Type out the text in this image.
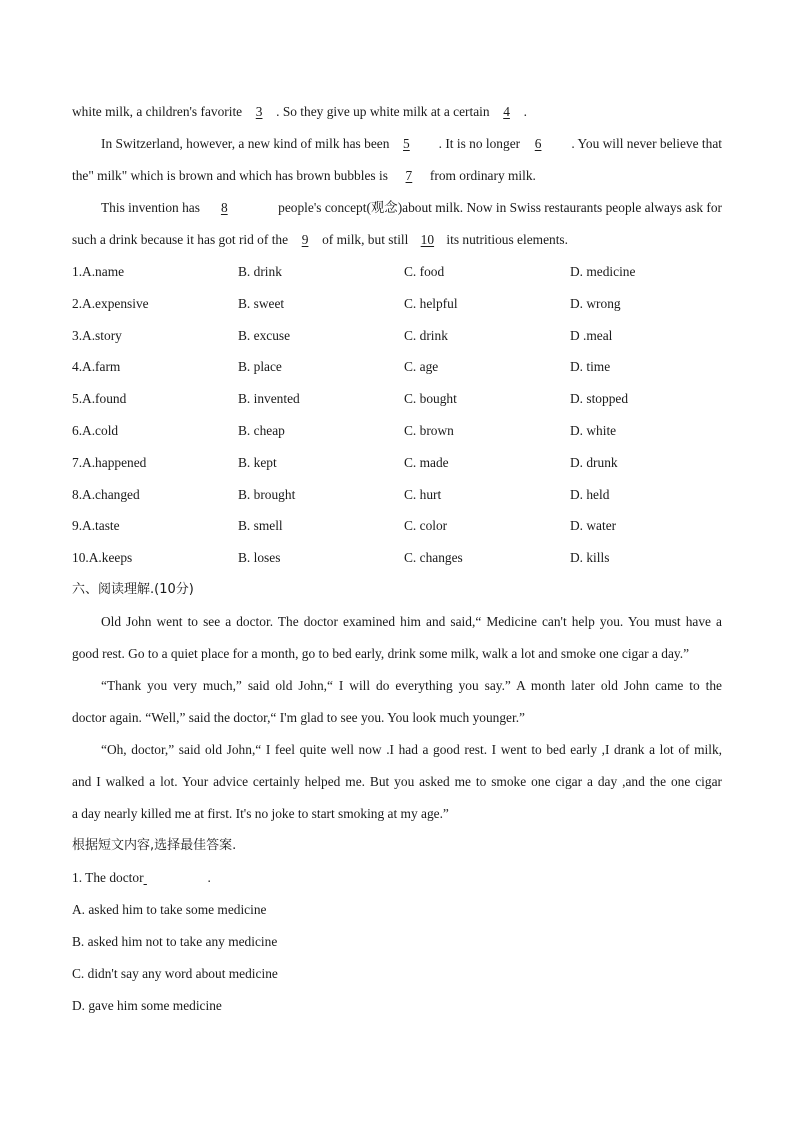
white milk, a children's favorite 3 . So they give up white milk at a certain 4 .
In Switzerland, however, a new kind of milk has been 5	. It is no longer 6	. You will never believe that
the" milk" which is brown and which has brown bubbles is 7 from ordinary milk.
This invention has 8	people's concept(观念)about milk. Now in Swiss restaurants people always ask for
such a drink because it has got rid of the 9 of milk, but still 10 its nutritious elements.
1.A.name	B. drink	C. food	D. medicine
2.A.expensive	B. sweet	C. helpful	D. wrong
3.A.story	B. excuse	C. drink	D .meal
4.A.farm	B. place	C. age	D. time
5.A.found	B. invented	C. bought	D. stopped
6.A.cold	B. cheap	C. brown	D. white
7.A.happened	B. kept	C. made	D. drunk
8.A.changed	B. brought	C. hurt	D. held
9.A.taste	B. smell	C. color	D. water
10.A.keeps	B. loses	C. changes	D. kills
六、阅读理解.(10分)
Old John went to see a doctor. The doctor examined him and said,“ Medicine can't help you. You must have a
good rest. Go to a quiet place for a month, go to bed early, drink some milk, walk a lot and smoke one cigar a day.”
“Thank you very much,” said old John,“ I will do everything you say.” A month later old John came to the
doctor again. “Well,” said the doctor,“ I'm glad to see you. You look much younger.”
“Oh, doctor,” said old John,“ I feel quite well now .I had a good rest. I went to bed early ,I drank a lot of milk,
and I walked a lot. Your advice certainly helped me. But you asked me to smoke one cigar a day ,and the one cigar
a day nearly killed me at first. It's no joke to start smoking at my age.”
根据短文内容,选择最佳答案.
1. The doctor	.
A. asked him to take some medicine
B. asked him not to take any medicine
C. didn't say any word about medicine
D. gave him some medicine
